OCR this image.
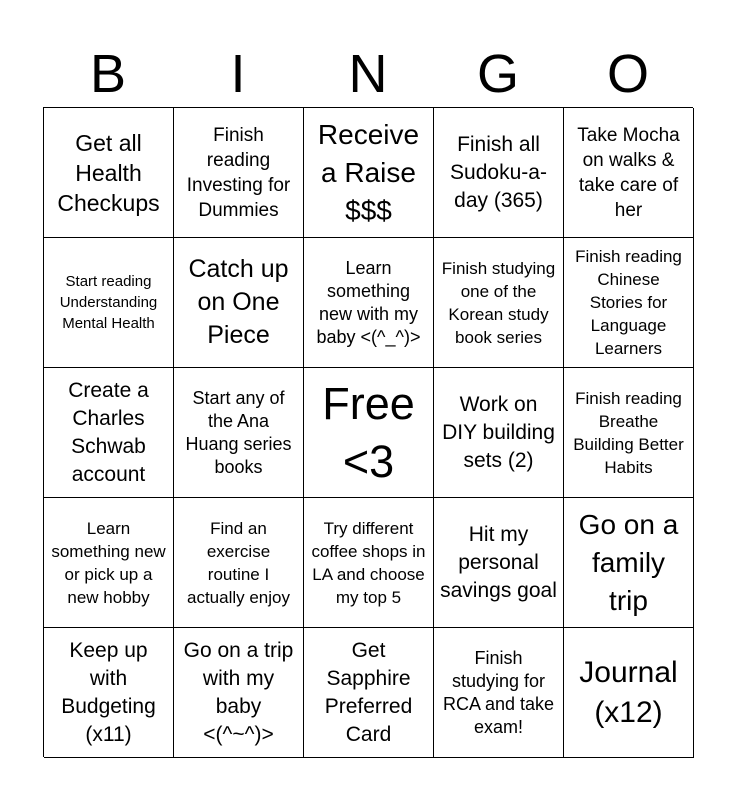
B	I	N	G	O
Get all Health Checkups
Finish reading Investing for Dummies
Receive a Raise $$$
Finish all Sudoku-a-day (365)
Take Mocha on walks & take care of her
Start reading Understanding Mental Health
Catch up on One Piece
Learn something new with my baby <(^_^)>
Finish studying one of the Korean study book series
Finish reading Chinese Stories for Language Learners
Create a Charles Schwab account
Start any of the Ana Huang series books
Free <3
Work on DIY building sets (2)
Finish reading Breathe Building Better Habits
Learn something new or pick up a new hobby
Find an exercise routine I actually enjoy
Try different coffee shops in LA and choose my top 5
Hit my personal savings goal
Go on a family trip
Keep up with Budgeting (x11)
Go on a trip with my baby <(^~^)>
Get Sapphire Preferred Card
Finish studying for RCA and take exam!
Journal (x12)
